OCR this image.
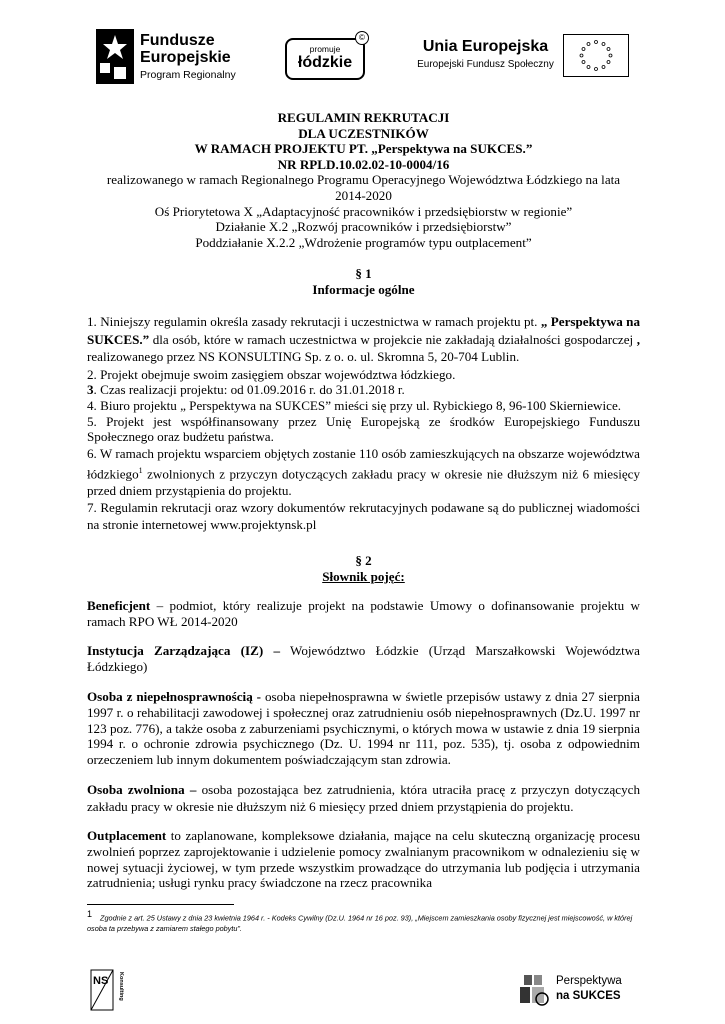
Fundusze
Europejskie
Program Regionalny
promuje
łódzkie
©
Unia Europejska
Europejski Fundusz Społeczny
REGULAMIN REKRUTACJI
DLA UCZESTNIKÓW
W RAMACH PROJEKTU PT. „Perspektywa na SUKCES.”
NR RPLD.10.02.02-10-0004/16
realizowanego w ramach Regionalnego Programu Operacyjnego Województwa Łódzkiego na lata
2014-2020
Oś Priorytetowa X „Adaptacyjność pracowników i przedsiębiorstw w regionie”
Działanie X.2 „Rozwój pracowników i przedsiębiorstw”
Poddziałanie X.2.2 „Wdrożenie programów typu outplacement”
§ 1
Informacje ogólne

1. Niniejszy regulamin określa zasady rekrutacji i uczestnictwa w ramach projektu pt. „ Perspektywa na SUKCES.” dla osób, które w ramach uczestnictwa w projekcie nie zakładają działalności gospodarczej , realizowanego przez NS KONSULTING Sp. z o. o. ul. Skromna 5, 20-704 Lublin.

2. Projekt obejmuje swoim zasięgiem obszar województwa łódzkiego.

3. Czas realizacji projektu: od 01.09.2016 r. do 31.01.2018 r.

4. Biuro projektu „ Perspektywa na SUKCES” mieści się przy ul. Rybickiego 8, 96-100 Skierniewice.

5. Projekt jest współfinansowany przez Unię Europejską ze środków Europejskiego Funduszu Społecznego oraz budżetu państwa.

6. W ramach projektu wsparciem objętych zostanie 110 osób zamieszkujących na obszarze województwa łódzkiego$^1$ zwolnionych z przyczyn dotyczących zakładu pracy w okresie nie dłuższym niż 6 miesięcy przed dniem przystąpienia do projektu.

7. Regulamin rekrutacji oraz wzory dokumentów rekrutacyjnych podawane są do publicznej wiadomości na stronie internetowej www.projektynsk.pl

§ 2
Słownik pojęć:

Beneficjent – podmiot, który realizuje projekt na podstawie Umowy o dofinansowanie projektu w ramach RPO WŁ 2014-2020

Instytucja Zarządzająca (IZ) – Województwo Łódzkie (Urząd Marszałkowski Województwa Łódzkiego)

Osoba z niepełnosprawnością - osoba niepełnosprawna w świetle przepisów ustawy z dnia 27 sierpnia 1997 r. o rehabilitacji zawodowej i społecznej oraz zatrudnieniu osób niepełnosprawnych (Dz.U. 1997 nr 123 poz. 776), a także osoba z zaburzeniami psychicznymi, o których mowa w ustawie z dnia 19 sierpnia 1994 r. o ochronie zdrowia psychicznego (Dz. U. 1994 nr 111, poz. 535), tj. osoba z odpowiednim orzeczeniem lub innym dokumentem poświadczającym stan zdrowia.

Osoba zwolniona – osoba pozostająca bez zatrudnienia, która utraciła pracę z przyczyn dotyczących zakładu pracy w okresie nie dłuższym niż 6 miesięcy przed dniem przystąpienia do projektu.

Outplacement to zaplanowane, kompleksowe działania, mające na celu skuteczną organizację procesu zwolnień poprzez zaprojektowanie i udzielenie pomocy zwalnianym pracownikom w odnalezieniu się w nowej sytuacji życiowej, w tym przede wszystkim prowadzące do utrzymania lub podjęcia i utrzymania zatrudnienia; usługi rynku pracy świadczone na rzecz pracownika

$^1$ Zgodnie z art. 25 Ustawy z dnia 23 kwietnia 1964 r. - Kodeks Cywilny (Dz.U. 1964 nr 16 poz. 93), „Miejscem zamieszkania osoby fizycznej jest miejscowość, w której osoba ta przebywa z zamiarem stałego pobytu”.
NS Konsulting	Perspektywa
na SUKCES
